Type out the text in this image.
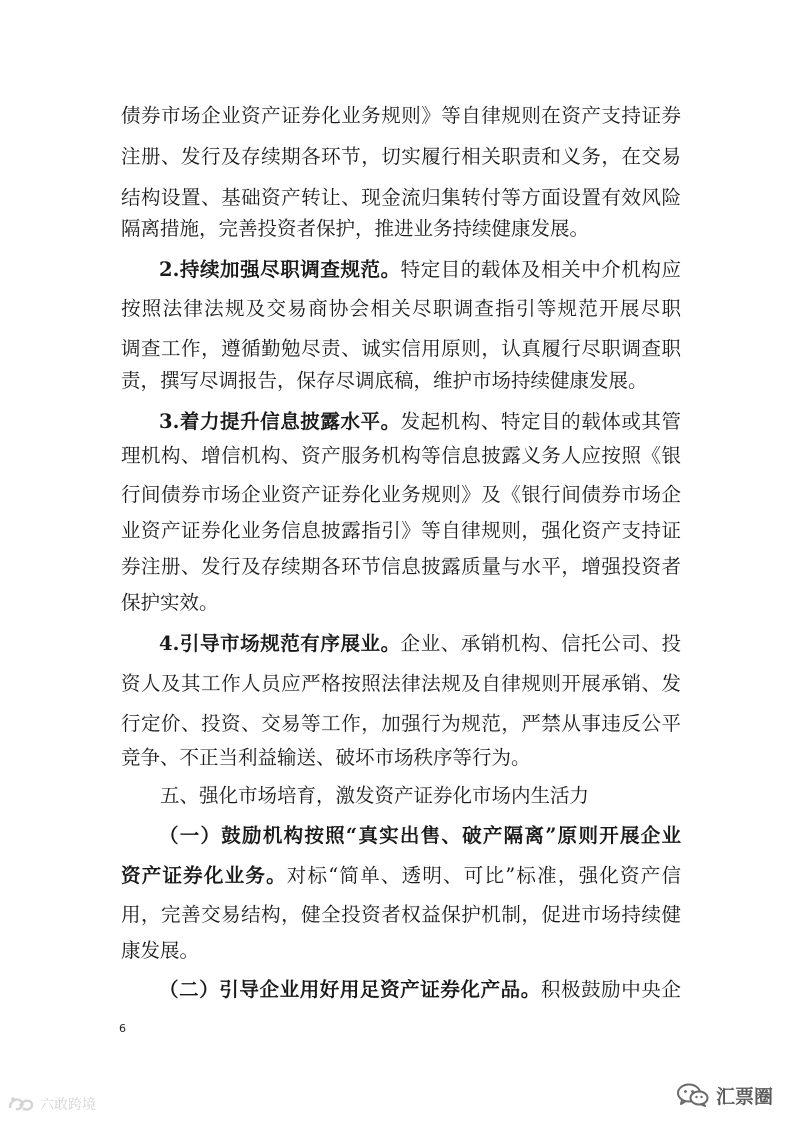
债券市场企业资产证券化业务规则》等自律规则在资产支持证券
注册、发行及存续期各环节，切实履行相关职责和义务，在交易
结构设置、基础资产转让、现金流归集转付等方面设置有效风险
隔离措施，完善投资者保护，推进业务持续健康发展。
2.持续加强尽职调查规范。特定目的载体及相关中介机构应
按照法律法规及交易商协会相关尽职调查指引等规范开展尽职
调查工作，遵循勤勉尽责、诚实信用原则，认真履行尽职调查职
责，撰写尽调报告，保存尽调底稿，维护市场持续健康发展。
3.着力提升信息披露水平。发起机构、特定目的载体或其管
理机构、增信机构、资产服务机构等信息披露义务人应按照《银
行间债券市场企业资产证券化业务规则》及《银行间债券市场企
业资产证券化业务信息披露指引》等自律规则，强化资产支持证
券注册、发行及存续期各环节信息披露质量与水平，增强投资者
保护实效。
4.引导市场规范有序展业。企业、承销机构、信托公司、投
资人及其工作人员应严格按照法律法规及自律规则开展承销、发
行定价、投资、交易等工作，加强行为规范，严禁从事违反公平
竞争、不正当利益输送、破坏市场秩序等行为。
五、强化市场培育，激发资产证券化市场内生活力
（一）鼓励机构按照“真实出售、破产隔离”原则开展企业
资产证券化业务。对标“简单、透明、可比”标准，强化资产信
用，完善交易结构，健全投资者权益保护机制，促进市场持续健
康发展。
（二）引导企业用好用足资产证券化产品。积极鼓励中央企
6
六敢跨境	汇票圈
